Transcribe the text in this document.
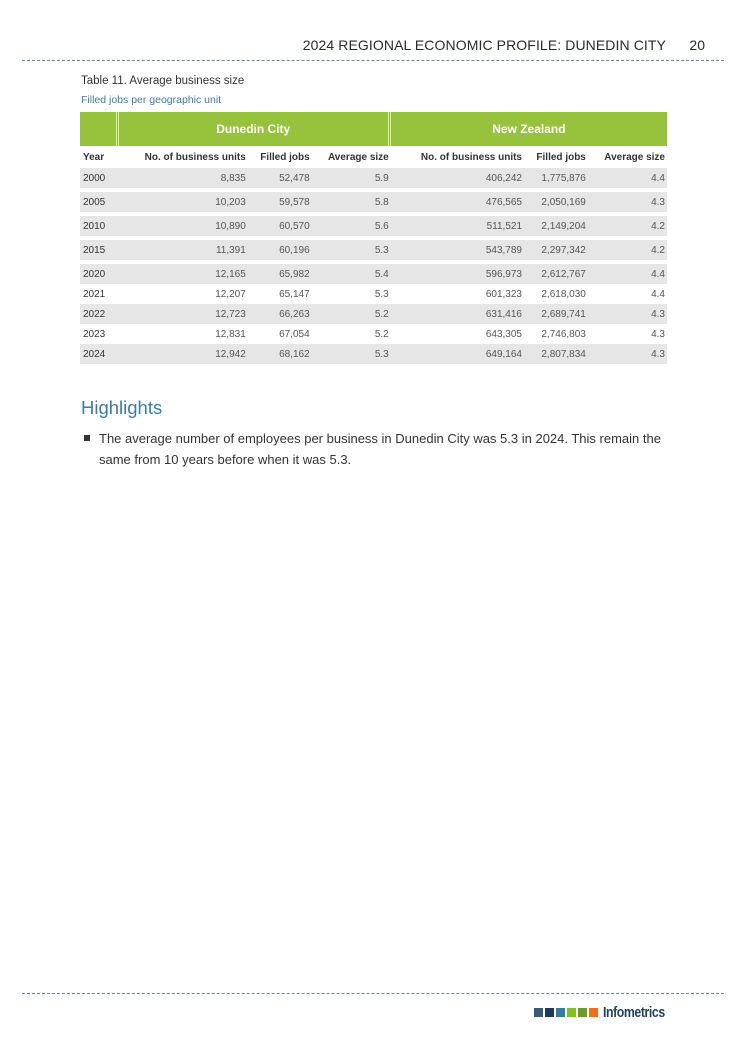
2024 REGIONAL ECONOMIC PROFILE: DUNEDIN CITY 20
Table 11. Average business size
Filled jobs per geographic unit
	Dunedin City			New Zealand		
Year	No. of business units	Filled jobs	Average size	No. of business units	Filled jobs	Average size
2000	8,835	52,478	5.9	406,242	1,775,876	4.4
2005	10,203	59,578	5.8	476,565	2,050,169	4.3
2010	10,890	60,570	5.6	511,521	2,149,204	4.2
2015	11,391	60,196	5.3	543,789	2,297,342	4.2
2020	12,165	65,982	5.4	596,973	2,612,767	4.4
2021	12,207	65,147	5.3	601,323	2,618,030	4.4
2022	12,723	66,263	5.2	631,416	2,689,741	4.3
2023	12,831	67,054	5.2	643,305	2,746,803	4.3
2024	12,942	68,162	5.3	649,164	2,807,834	4.3
Highlights
The average number of employees per business in Dunedin City was 5.3 in 2024. This remain the same from 10 years before when it was 5.3.
Infometrics
